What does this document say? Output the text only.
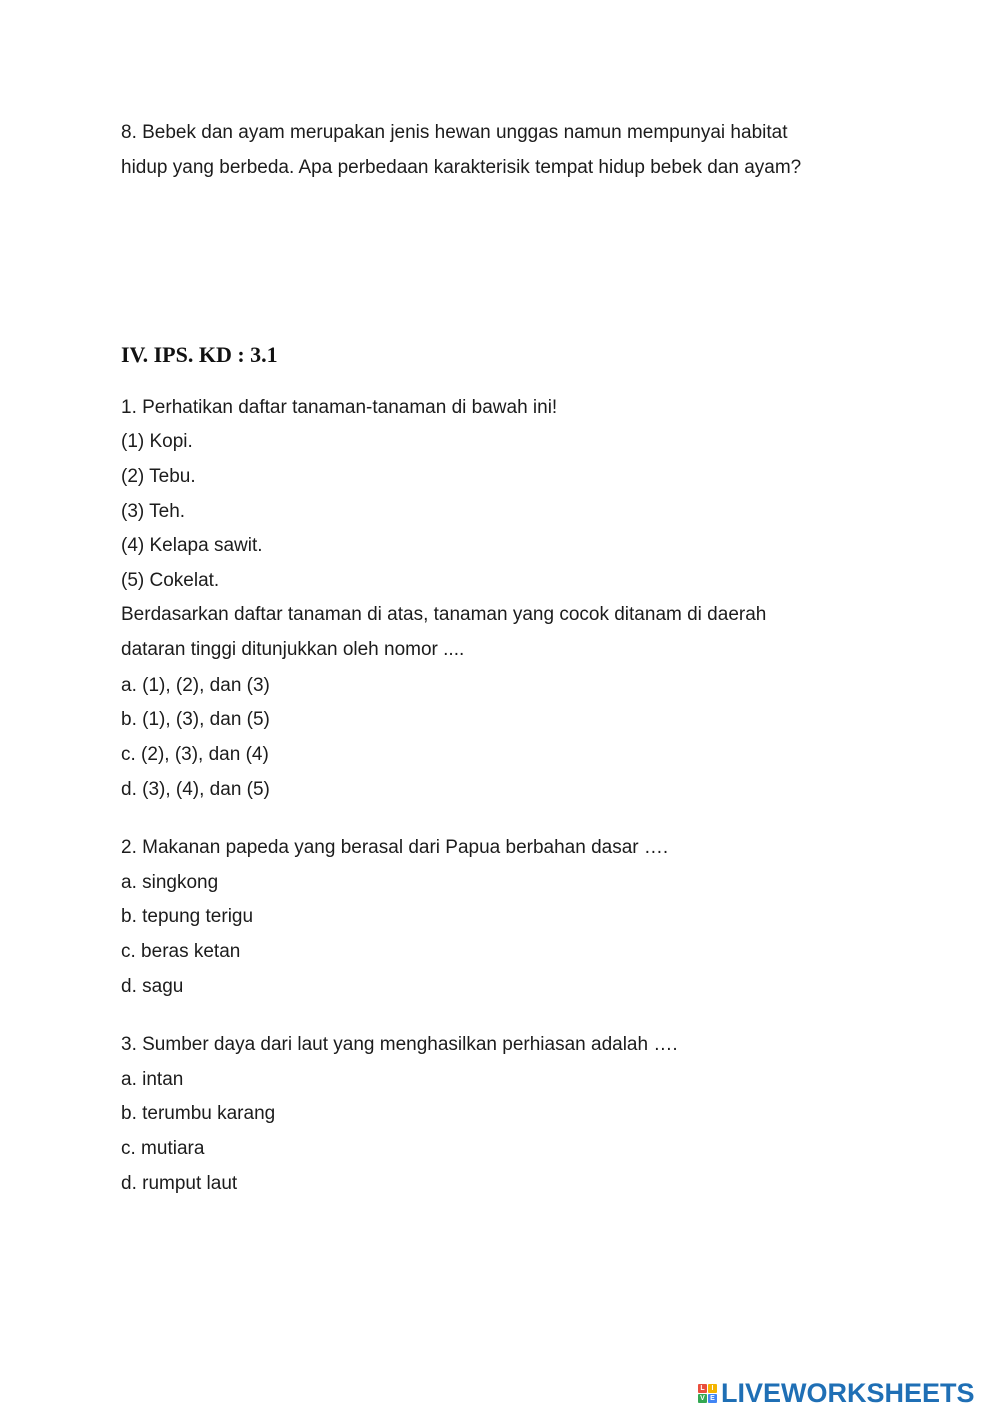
8. Bebek dan ayam merupakan jenis hewan unggas namun mempunyai habitat

hidup yang berbeda. Apa perbedaan karakterisik tempat hidup bebek dan ayam?

IV. IPS. KD : 3.1

1. Perhatikan daftar tanaman-tanaman di bawah ini!

(1) Kopi.

(2) Tebu.

(3) Teh.

(4) Kelapa sawit.

(5) Cokelat.

Berdasarkan daftar tanaman di atas, tanaman yang cocok ditanam di daerah

dataran tinggi ditunjukkan oleh nomor ....

a. (1), (2), dan (3)

b. (1), (3), dan (5)

c. (2), (3), dan (4)

d. (3), (4), dan (5)

2. Makanan papeda yang berasal dari Papua berbahan dasar ….

a. singkong

b. tepung terigu

c. beras ketan

d. sagu

3. Sumber daya dari laut yang menghasilkan perhiasan adalah ….

a. intan

b. terumbu karang

c. mutiara

d. rumput laut

L I
V E LIVEWORKSHEETS
